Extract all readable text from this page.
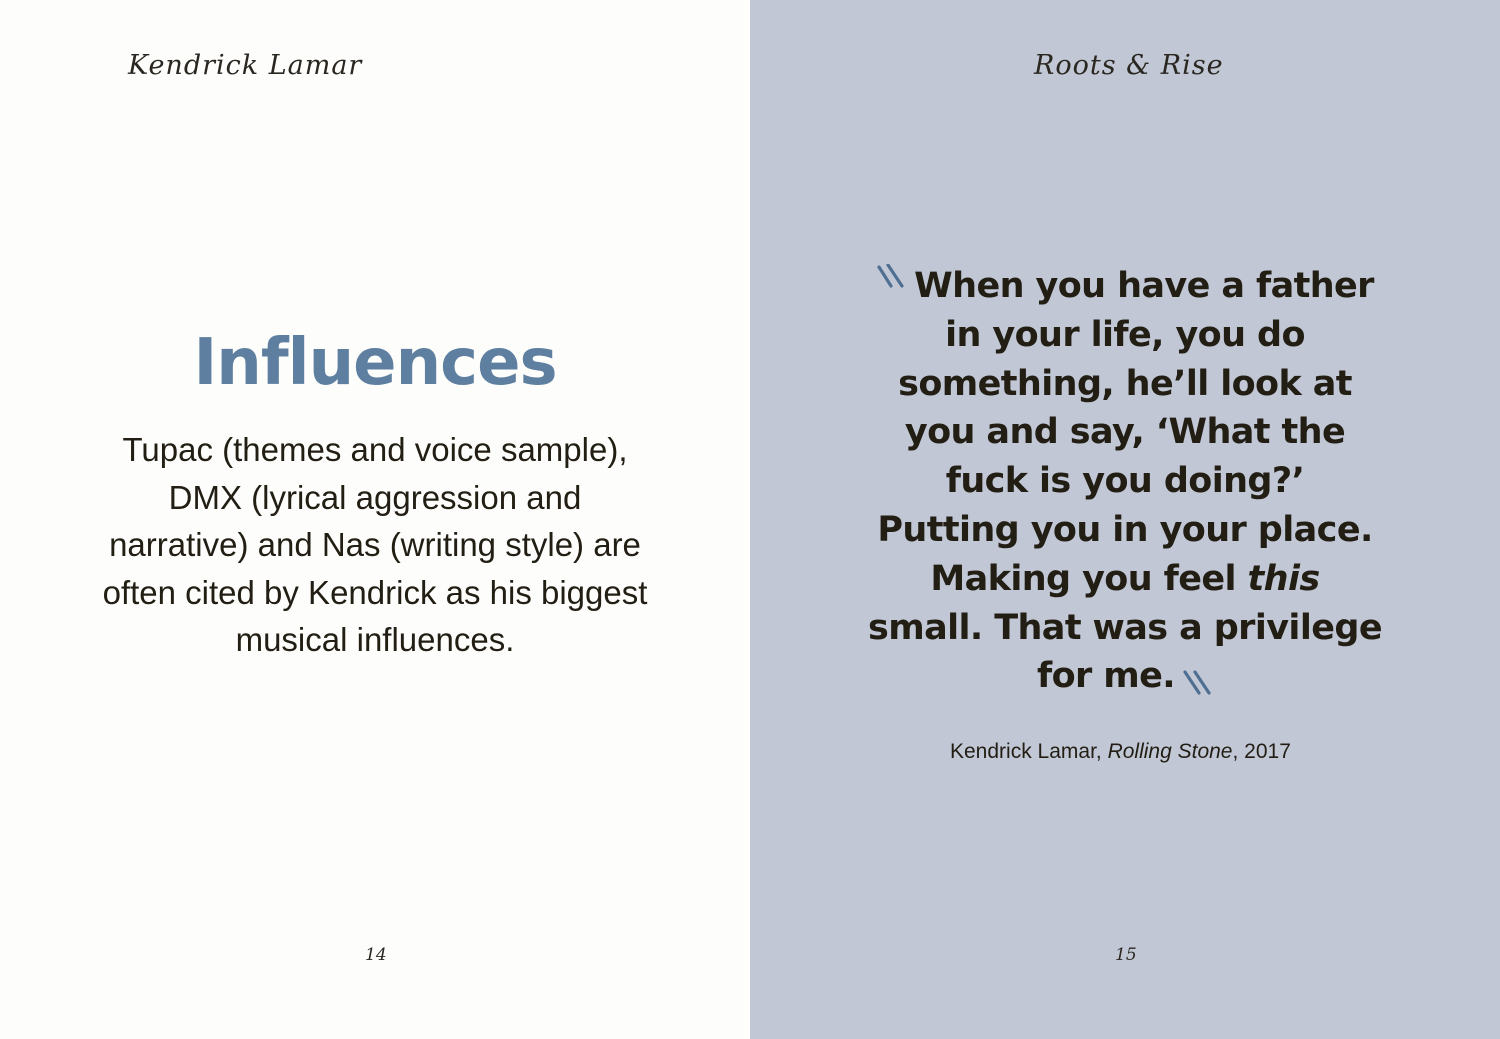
Kendrick Lamar
Influences

Tupac (themes and voice sample), DMX (lyrical aggression and narrative) and Nas (writing style) are often cited by Kendrick as his biggest musical influences.

14
Roots & Rise
When you have a father
in your life, you do
something, he’ll look at
you and say, ‘What the
fuck is you doing?’
Putting you in your place.
Making you feel this
small. That was a privilege
for me.

Kendrick Lamar, Rolling Stone, 2017

15
